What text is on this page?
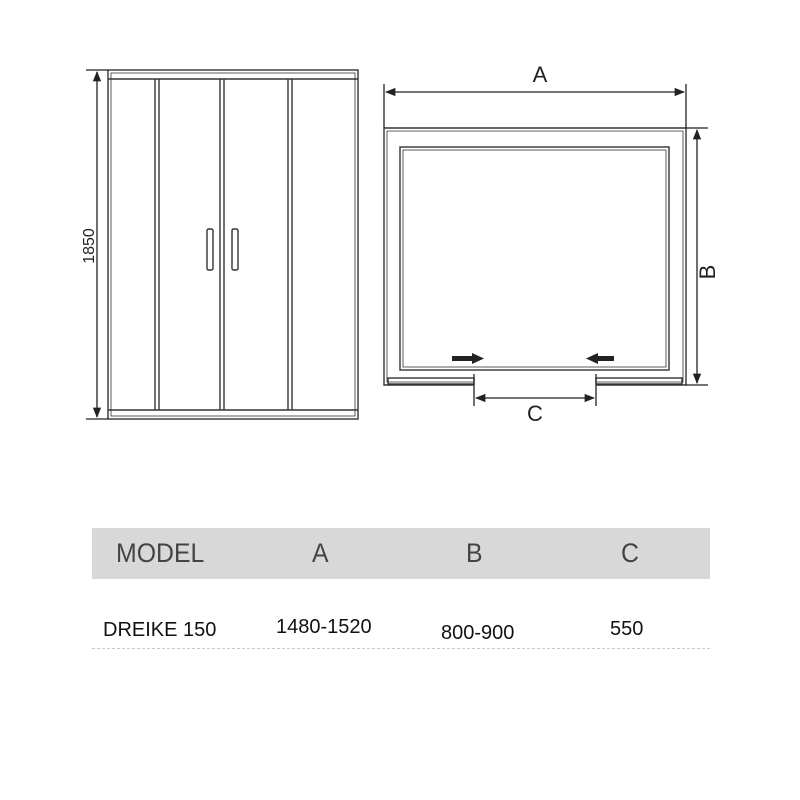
1850
A
B
C
MODEL	A	B	C
DREIKE 150	1480-1520	800-900	550
